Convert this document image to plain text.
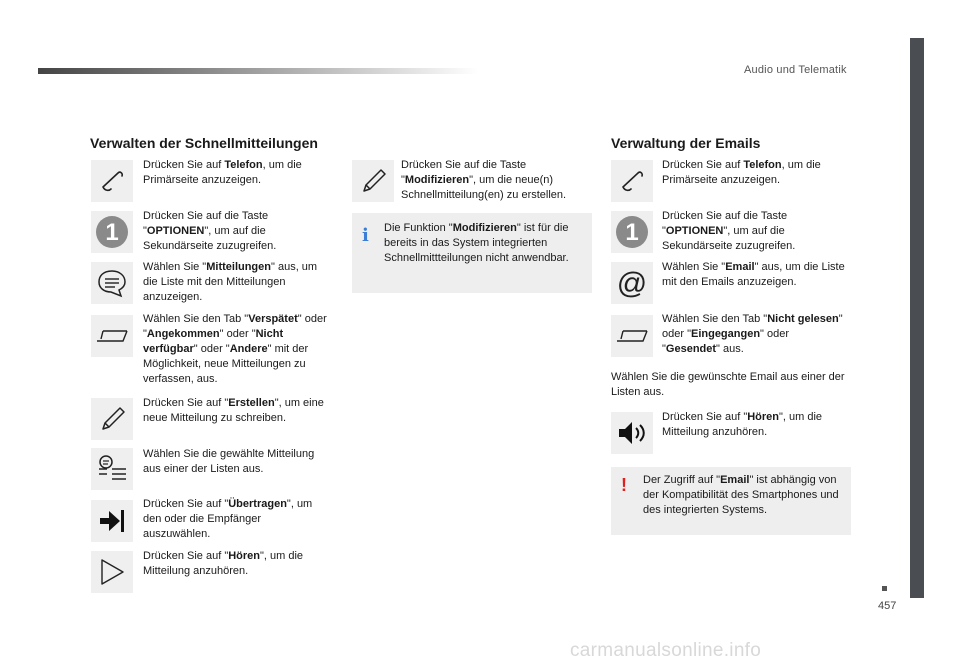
Audio und Telematik
Verwalten der Schnellmitteilungen
Drücken Sie auf Telefon, um die Primärseite anzuzeigen.
1
Drücken Sie auf die Taste "OPTIONEN", um auf die Sekundärseite zuzugreifen.
Wählen Sie "Mitteilungen" aus, um die Liste mit den Mitteilungen anzuzeigen.
Wählen Sie den Tab "Verspätet" oder "Angekommen" oder "Nicht verfügbar" oder "Andere" mit der Möglichkeit, neue Mitteilungen zu verfassen, aus.
Drücken Sie auf "Erstellen", um eine neue Mitteilung zu schreiben.
Wählen Sie die gewählte Mitteilung aus einer der Listen aus.
Drücken Sie auf "Übertragen", um den oder die Empfänger auszuwählen.
Drücken Sie auf "Hören", um die Mitteilung anzuhören.
Drücken Sie auf die Taste "Modifizieren", um die neue(n) Schnellmitteilung(en) zu erstellen.
i Die Funktion "Modifizieren" ist für die bereits in das System integrierten Schnellmittteilungen nicht anwendbar.
Verwaltung der Emails
Drücken Sie auf Telefon, um die Primärseite anzuzeigen.
1
Drücken Sie auf die Taste "OPTIONEN", um auf die Sekundärseite zuzugreifen.
@ Wählen Sie "Email" aus, um die Liste mit den Emails anzuzeigen.
Wählen Sie den Tab "Nicht gelesen" oder "Eingegangen" oder "Gesendet" aus.
Wählen Sie die gewünschte Email aus einer der Listen aus.
Drücken Sie auf "Hören", um die Mitteilung anzuhören.
! Der Zugriff auf "Email" ist abhängig von der Kompatibilität des Smartphones und des integrierten Systems.
457
carmanualsonline.info
